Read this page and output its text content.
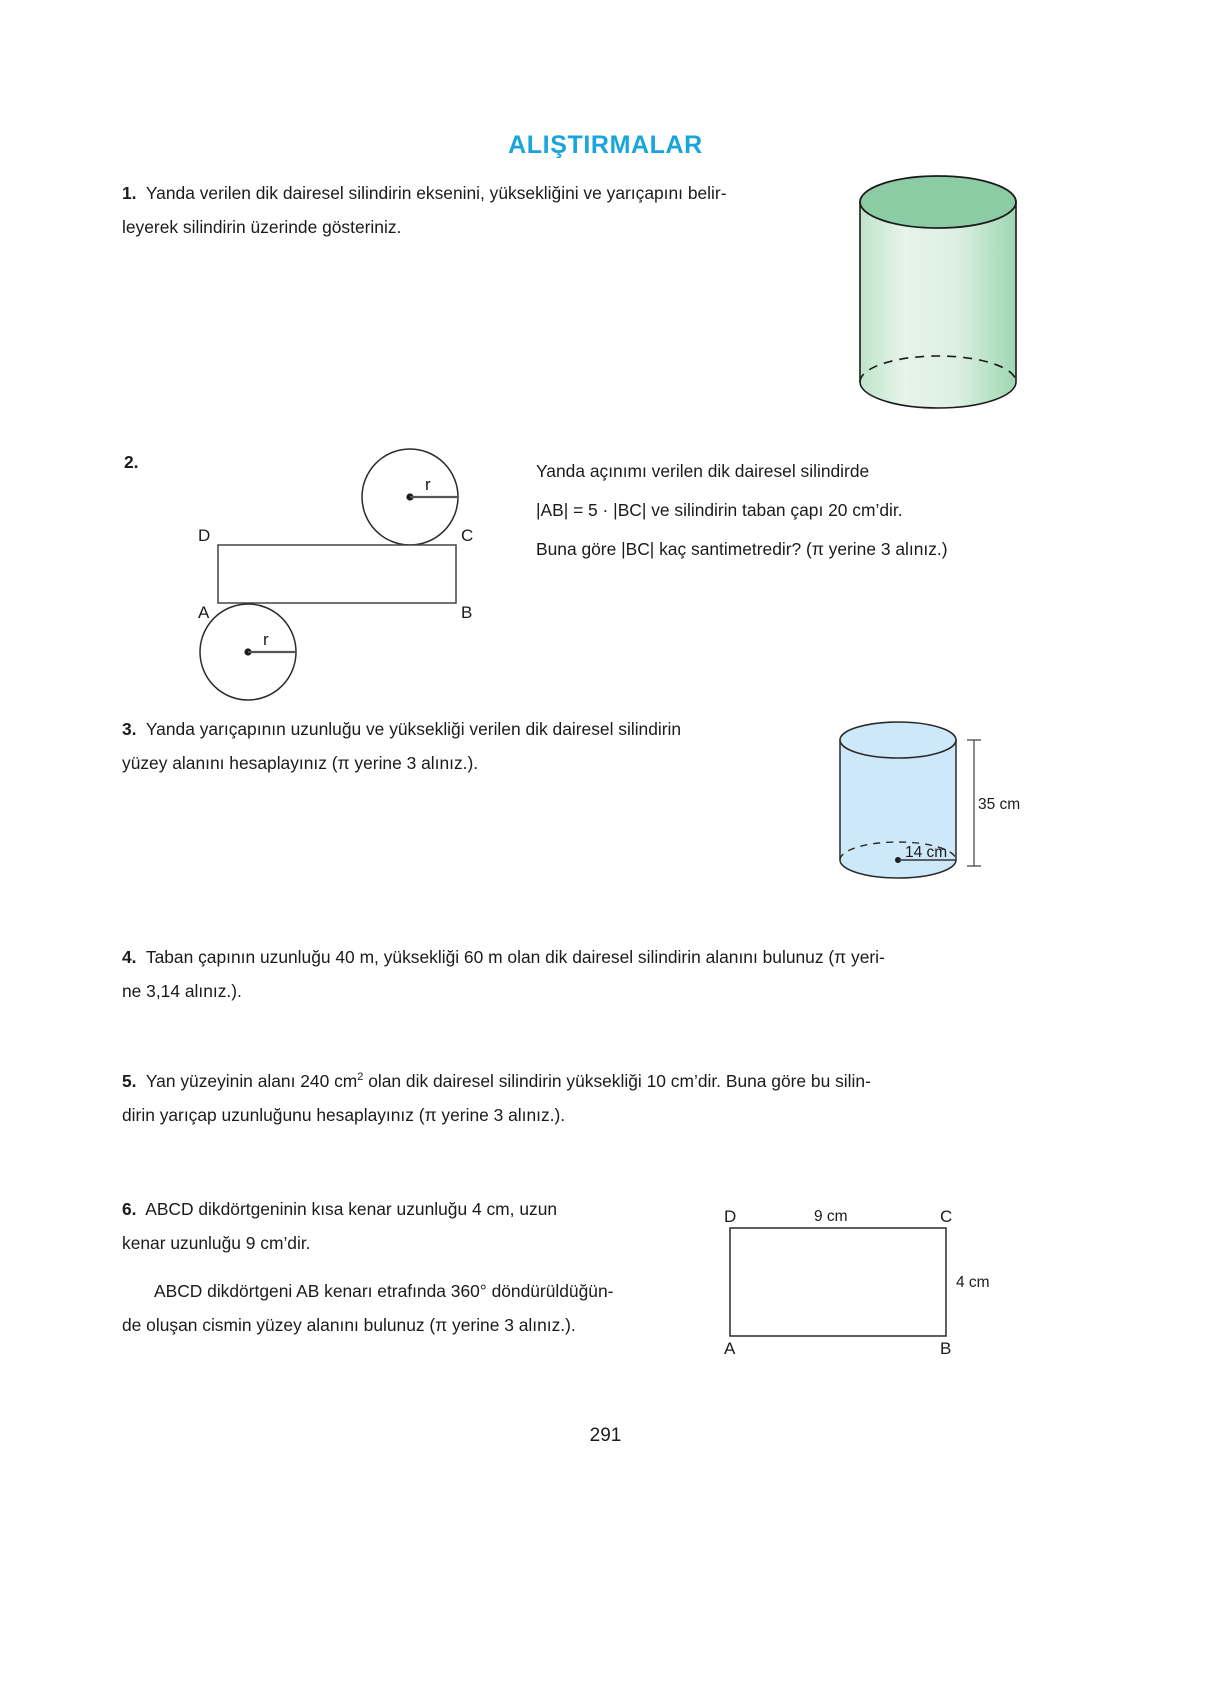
ALIŞTIRMALAR

1. Yanda verilen dik dairesel silindirin eksenini, yüksekliğini ve yarıçapını belir-

leyerek silindirin üzerinde gösteriniz.

2.
r
D	C
A	B
r

Yanda açınımı verilen dik dairesel silindirde

|AB| = 5 · |BC| ve silindirin taban çapı 20 cm’dir.

Buna göre |BC| kaç santimetredir? (π yerine 3 alınız.)

3. Yanda yarıçapının uzunluğu ve yüksekliği verilen dik dairesel silindirin

yüzey alanını hesaplayınız (π yerine 3 alınız.).

35 cm
14 cm

4. Taban çapının uzunluğu 40 m, yüksekliği 60 m olan dik dairesel silindirin alanını bulunuz (π yeri-

ne 3,14 alınız.).

5. Yan yüzeyinin alanı 240 $cm^2$ olan dik dairesel silindirin yüksekliği 10 cm’dir. Buna göre bu silin-

dirin yarıçap uzunluğunu hesaplayınız (π yerine 3 alınız.).

6. ABCD dikdörtgeninin kısa kenar uzunluğu 4 cm, uzun

kenar uzunluğu 9 cm’dir.

ABCD dikdörtgeni AB kenarı etrafında 360° döndürüldüğün-

de oluşan cismin yüzey alanını bulunuz (π yerine 3 alınız.).

D	C
A	B
9 cm
4 cm
291
